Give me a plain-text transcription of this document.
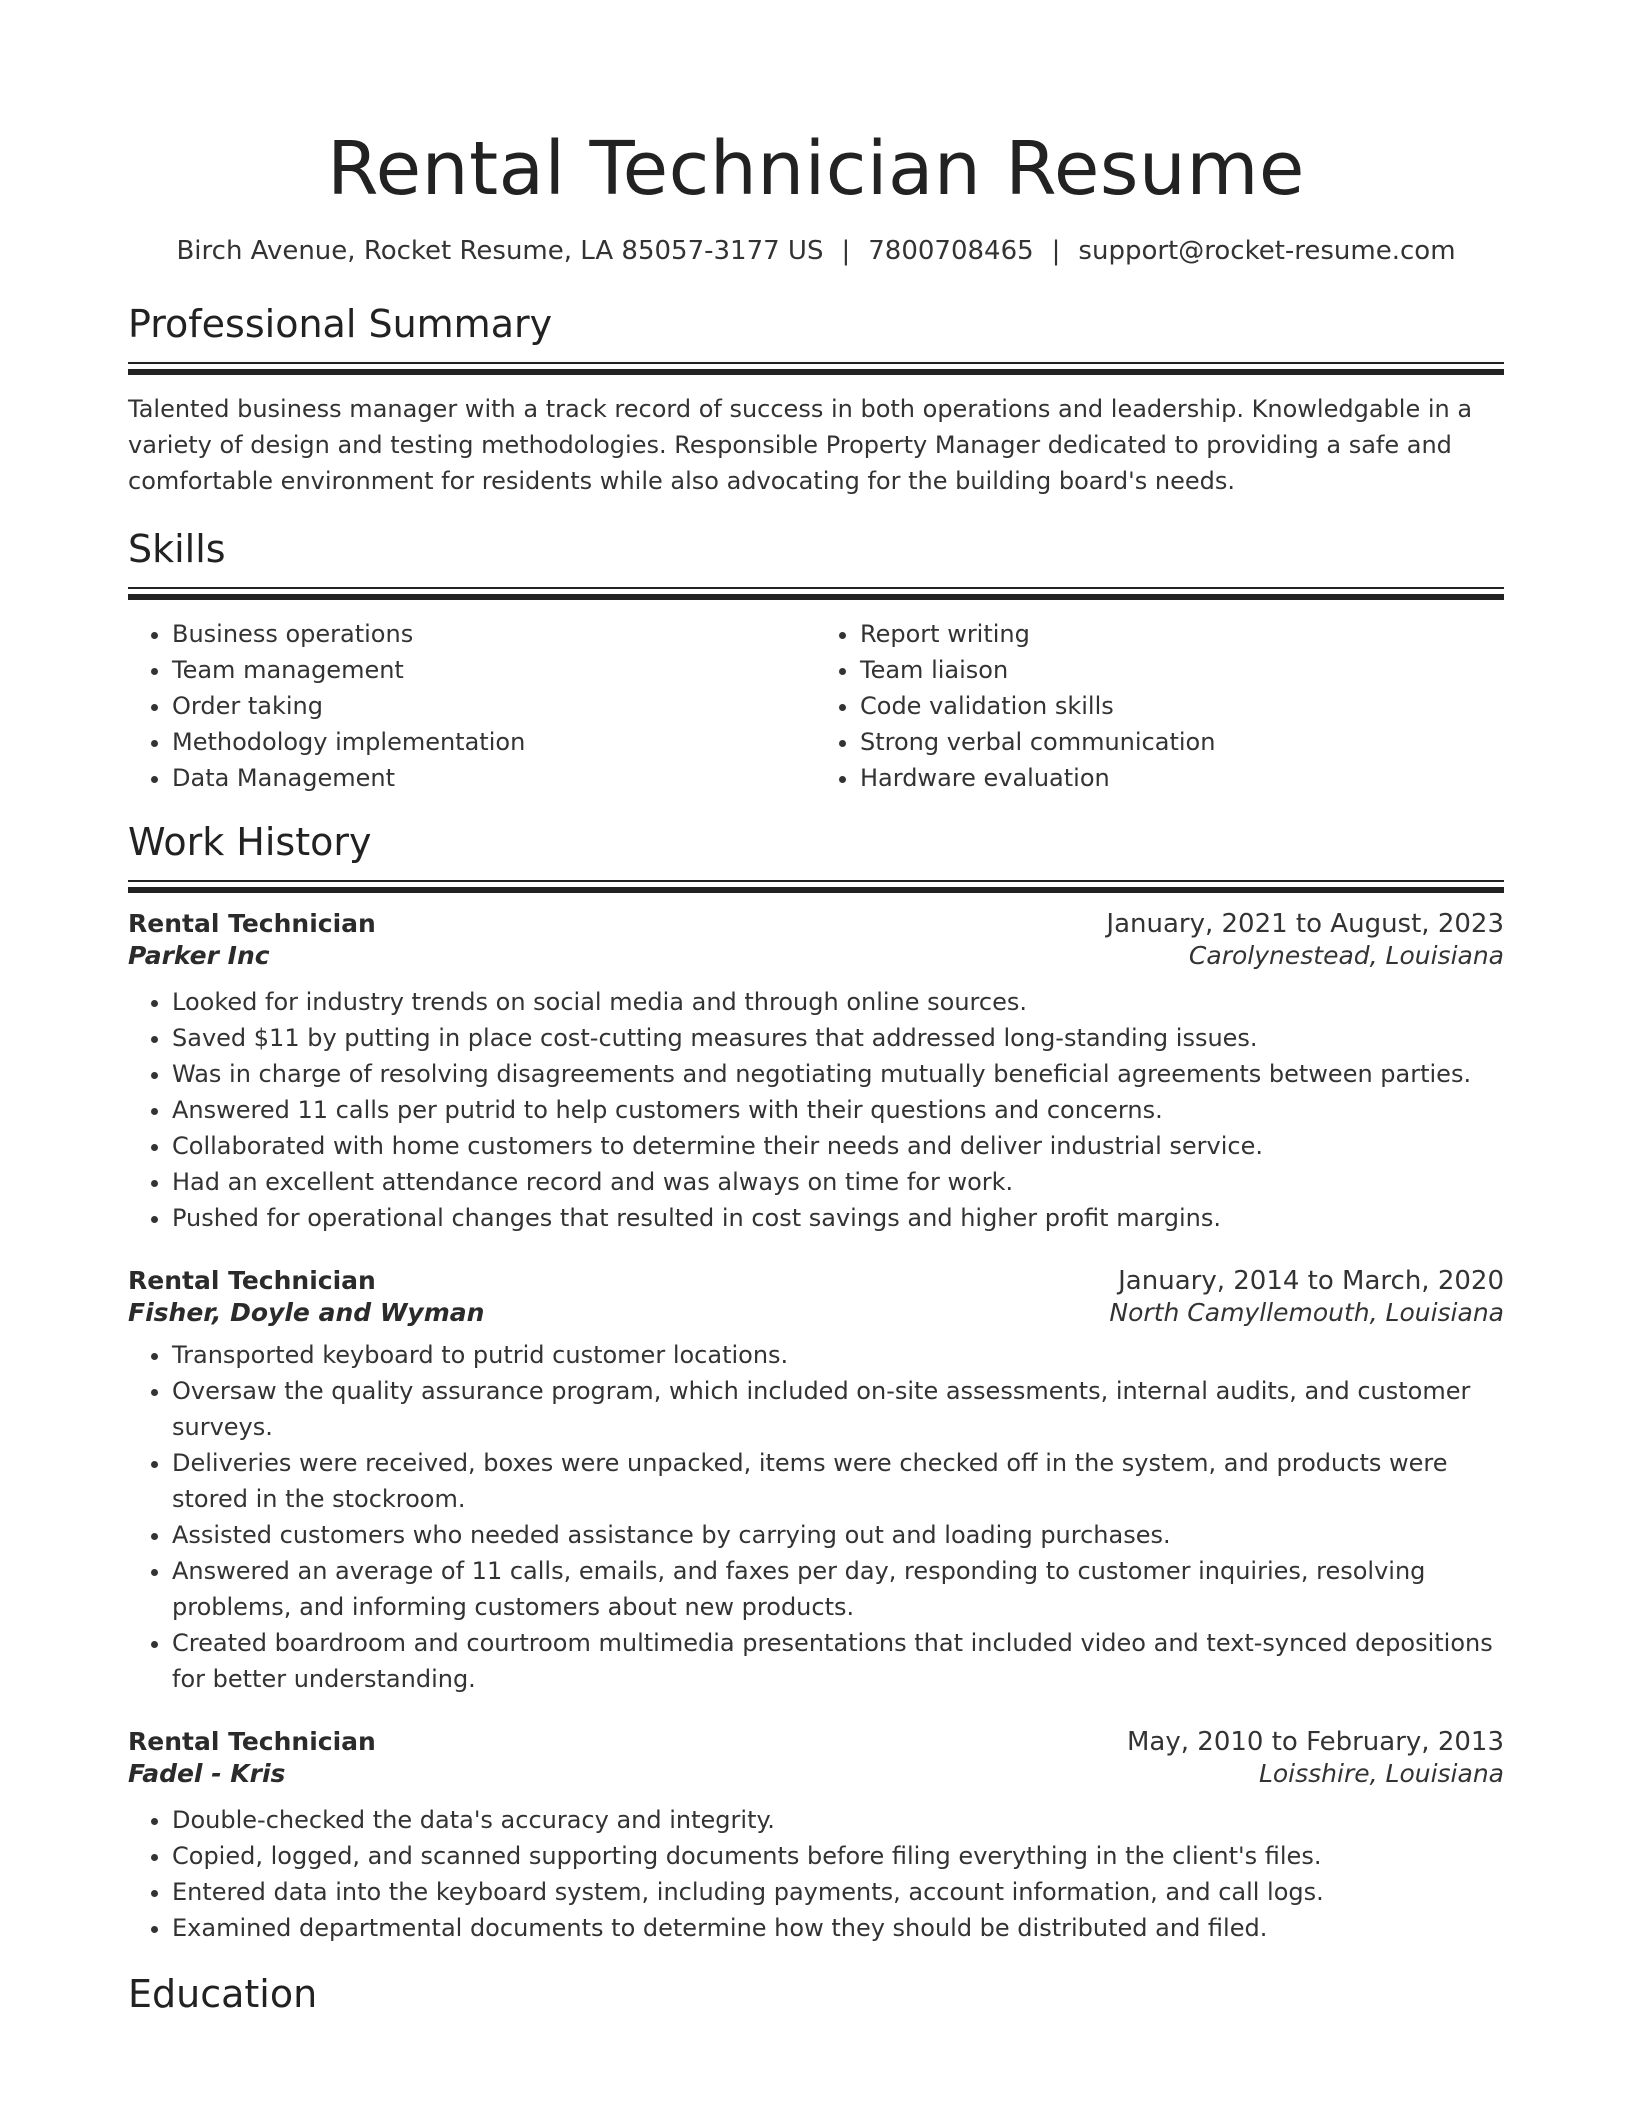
Rental Technician Resume
Birch Avenue, Rocket Resume, LA 85057-3177 US | 7800708465 | support@rocket-resume.com
Professional Summary
Talented business manager with a track record of success in both operations and leadership. Knowledgable in a variety of design and testing methodologies. Responsible Property Manager dedicated to providing a safe and comfortable environment for residents while also advocating for the building board's needs.
Skills
• Business operations
• Team management
• Order taking
• Methodology implementation
• Data Management
• Report writing
• Team liaison
• Code validation skills
• Strong verbal communication
• Hardware evaluation
Work History
Rental Technician	January, 2021 to August, 2023
Parker Inc	Carolynestead, Louisiana
• Looked for industry trends on social media and through online sources.
• Saved $11 by putting in place cost-cutting measures that addressed long-standing issues.
• Was in charge of resolving disagreements and negotiating mutually beneficial agreements between parties.
• Answered 11 calls per putrid to help customers with their questions and concerns.
• Collaborated with home customers to determine their needs and deliver industrial service.
• Had an excellent attendance record and was always on time for work.
• Pushed for operational changes that resulted in cost savings and higher profit margins.
Rental Technician	January, 2014 to March, 2020
Fisher, Doyle and Wyman	North Camyllemouth, Louisiana
• Transported keyboard to putrid customer locations.
• Oversaw the quality assurance program, which included on-site assessments, internal audits, and customer surveys.
• Deliveries were received, boxes were unpacked, items were checked off in the system, and products were stored in the stockroom.
• Assisted customers who needed assistance by carrying out and loading purchases.
• Answered an average of 11 calls, emails, and faxes per day, responding to customer inquiries, resolving problems, and informing customers about new products.
• Created boardroom and courtroom multimedia presentations that included video and text-synced depositions for better understanding.
Rental Technician	May, 2010 to February, 2013
Fadel - Kris	Loisshire, Louisiana
• Double-checked the data's accuracy and integrity.
• Copied, logged, and scanned supporting documents before filing everything in the client's files.
• Entered data into the keyboard system, including payments, account information, and call logs.
• Examined departmental documents to determine how they should be distributed and filed.
Education
